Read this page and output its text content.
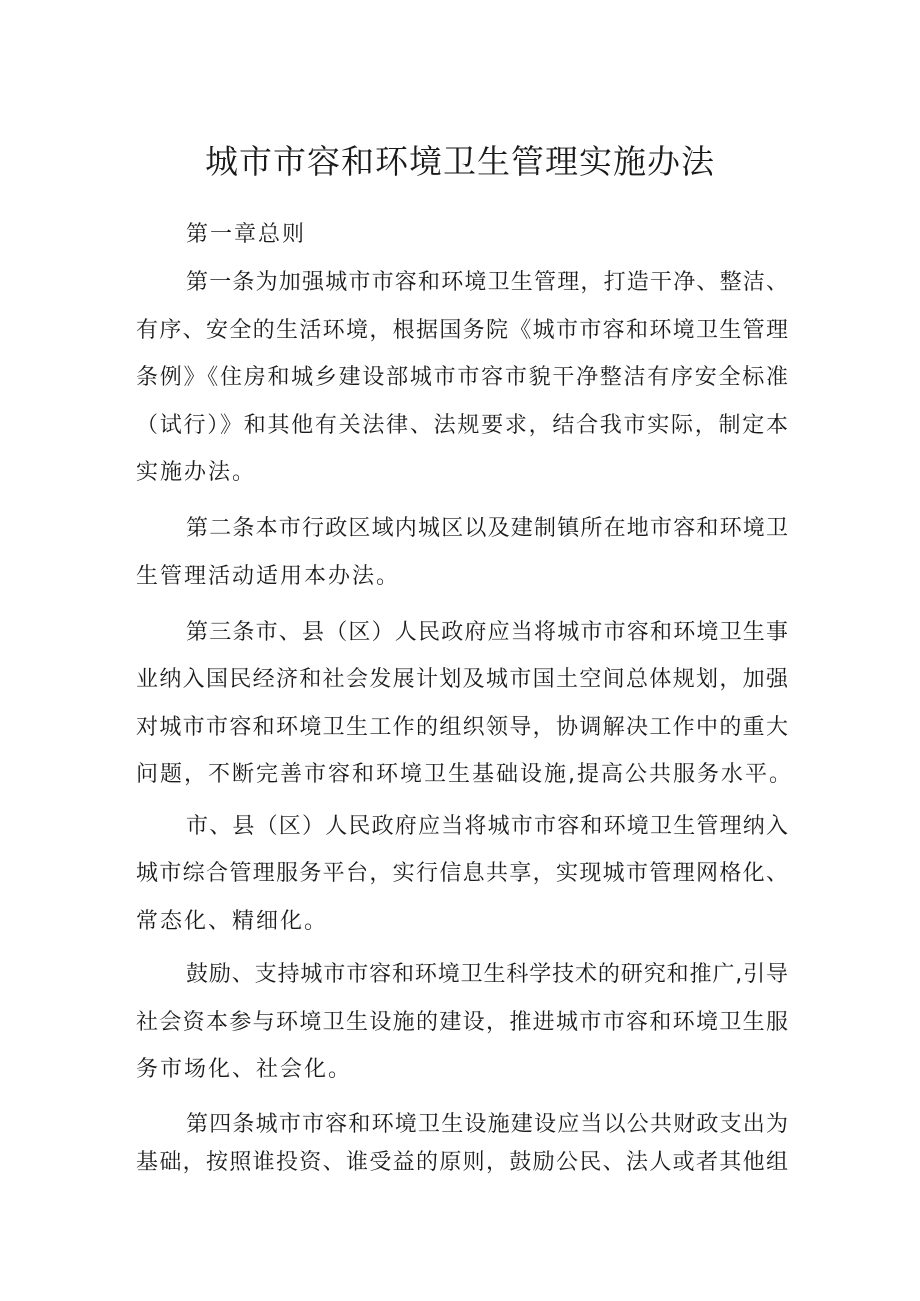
城市市容和环境卫生管理实施办法
第一章总则
第一条为加强城市市容和环境卫生管理，打造干净、整洁、
有序、安全的生活环境，根据国务院《城市市容和环境卫生管理
条例》《住房和城乡建设部城市市容市貌干净整洁有序安全标准
（试行）》和其他有关法律、法规要求，结合我市实际，制定本
实施办法。
第二条本市行政区域内城区以及建制镇所在地市容和环境卫
生管理活动适用本办法。
第三条市、县（区）人民政府应当将城市市容和环境卫生事
业纳入国民经济和社会发展计划及城市国土空间总体规划，加强
对城市市容和环境卫生工作的组织领导，协调解决工作中的重大
问题，不断完善市容和环境卫生基础设施,提高公共服务水平。
市、县（区）人民政府应当将城市市容和环境卫生管理纳入
城市综合管理服务平台，实行信息共享，实现城市管理网格化、
常态化、精细化。
鼓励、支持城市市容和环境卫生科学技术的研究和推广,引导
社会资本参与环境卫生设施的建设，推进城市市容和环境卫生服
务市场化、社会化。
第四条城市市容和环境卫生设施建设应当以公共财政支出为
基础，按照谁投资、谁受益的原则，鼓励公民、法人或者其他组
